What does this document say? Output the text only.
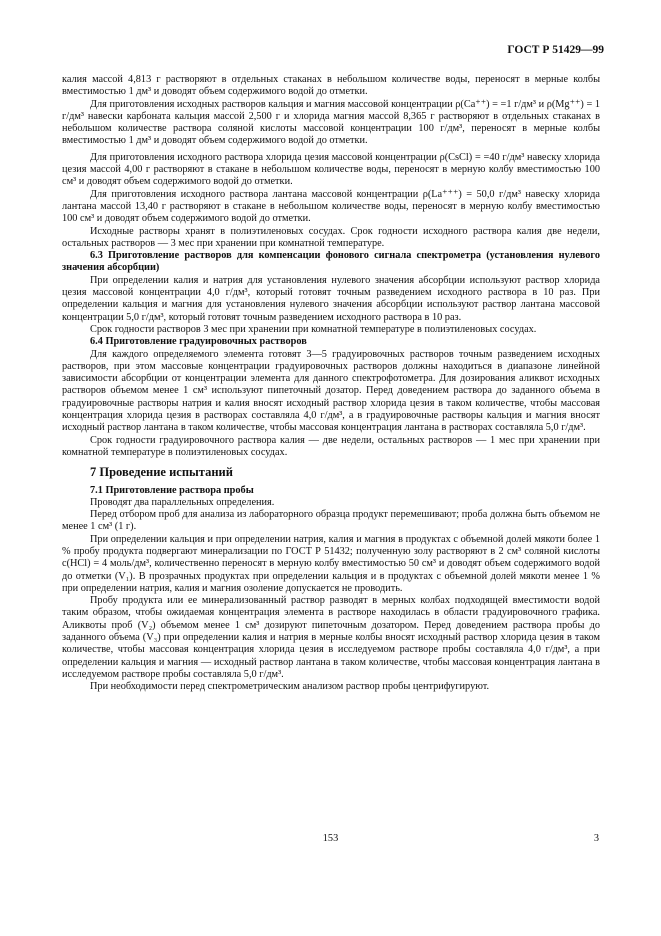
ГОСТ Р 51429—99

калия массой 4,813 г растворяют в отдельных стаканах в небольшом количестве воды, переносят в мерные колбы вместимостью 1 дм³ и доводят объем содержимого водой до отметки.

Для приготовления исходных растворов кальция и магния массовой концентрации ρ(Ca⁺⁺) = =1 г/дм³ и ρ(Mg⁺⁺) = 1 г/дм³ навески карбоната кальция массой 2,500 г и хлорида магния массой 8,365 г растворяют в отдельных стаканах в небольшом количестве раствора соляной кислоты массовой концентрации 100 г/дм³, переносят в мерные колбы вместимостью 1 дм³ и доводят объем содержимого водой до отметки.

Для приготовления исходного раствора хлорида цезия массовой концентрации ρ(CsCl) = =40 г/дм³ навеску хлорида цезия массой 4,00 г растворяют в стакане в небольшом количестве воды, переносят в мерную колбу вместимостью 100 см³ и доводят объем содержимого водой до отметки.

Для приготовления исходного раствора лантана массовой концентрации ρ(La⁺⁺⁺) = 50,0 г/дм³ навеску хлорида лантана массой 13,40 г растворяют в стакане в небольшом количестве воды, переносят в мерную колбу вместимостью 100 см³ и доводят объем содержимого водой до отметки.

Исходные растворы хранят в полиэтиленовых сосудах. Срок годности исходного раствора калия две недели, остальных растворов — 3 мес при хранении при комнатной температуре.

6.3 Приготовление растворов для компенсации фонового сигнала спектрометра (установления нулевого значения абсорбции)

При определении калия и натрия для установления нулевого значения абсорбции используют раствор хлорида цезия массовой концентрации 4,0 г/дм³, который готовят точным разведением исходного раствора в 10 раз. При определении кальция и магния для установления нулевого значения абсорбции используют раствор лантана массовой концентрации 5,0 г/дм³, который готовят точным разведением исходного раствора в 10 раз.

Срок годности растворов 3 мес при хранении при комнатной температуре в полиэтиленовых сосудах.

6.4 Приготовление градуировочных растворов

Для каждого определяемого элемента готовят 3—5 градуировочных растворов точным разведением исходных растворов, при этом массовые концентрации градуировочных растворов должны находиться в диапазоне линейной зависимости абсорбции от концентрации элемента для данного спектрофотометра. Для дозирования аликвот исходных растворов объемом менее 1 см³ используют пипеточный дозатор. Перед доведением раствора до заданного объема в градуировочные растворы натрия и калия вносят исходный раствор хлорида цезия в таком количестве, чтобы массовая концентрация хлорида цезия в растворах составляла 4,0 г/дм³, а в градуировочные растворы кальция и магния вносят исходный раствор лантана в таком количестве, чтобы массовая концентрация лантана в растворах составляла 5,0 г/дм³.

Срок годности градуировочного раствора калия — две недели, остальных растворов — 1 мес при хранении при комнатной температуре в полиэтиленовых сосудах.

7 Проведение испытаний

7.1 Приготовление раствора пробы

Проводят два параллельных определения.

Перед отбором проб для анализа из лабораторного образца продукт перемешивают; проба должна быть объемом не менее 1 см³ (1 г).

При определении кальция и при определении натрия, калия и магния в продуктах с объемной долей мякоти более 1 % пробу продукта подвергают минерализации по ГОСТ Р 51432; полученную золу растворяют в 2 см³ соляной кислоты c(HCl) = 4 моль/дм³, количественно переносят в мерную колбу вместимостью 50 см³ и доводят объем содержимого водой до отметки (V₁). В прозрачных продуктах при определении кальция и в продуктах с объемной долей мякоти менее 1 % при определении натрия, калия и магния озоление допускается не проводить.

Пробу продукта или ее минерализованный раствор разводят в мерных колбах подходящей вместимости водой таким образом, чтобы ожидаемая концентрация элемента в растворе находилась в области градуировочного графика. Аликвоты проб (V₂) объемом менее 1 см³ дозируют пипеточным дозатором. Перед доведением раствора пробы до заданного объема (V₃) при определении калия и натрия в мерные колбы вносят исходный раствор хлорида цезия в таком количестве, чтобы массовая концентрация хлорида цезия в исследуемом растворе пробы составляла 4,0 г/дм³, а при определении кальция и магния — исходный раствор лантана в таком количестве, чтобы массовая концентрация лантана в исследуемом растворе пробы составляла 5,0 г/дм³.

При необходимости перед спектрометрическим анализом раствор пробы центрифугируют.

153	3
